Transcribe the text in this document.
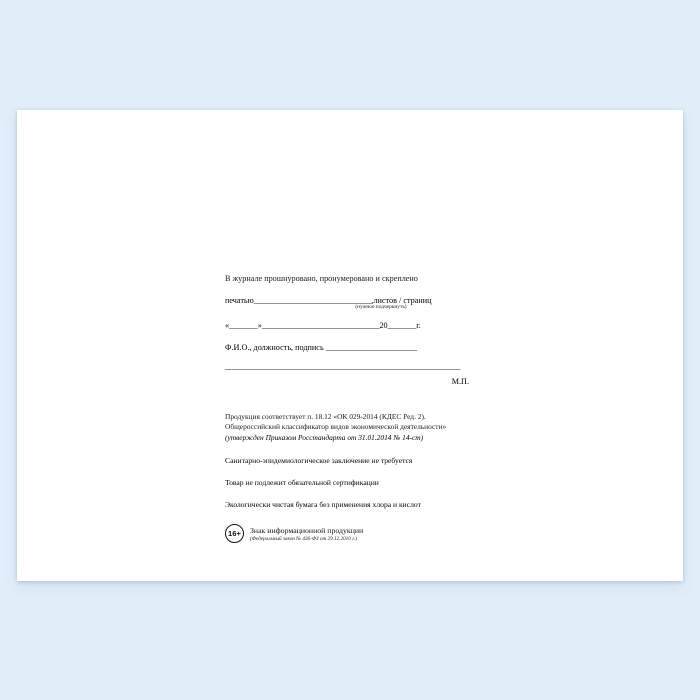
В журнале прошнуровано, пронумеровано и скреплено
печатью_______________________________,листов / страниц
(нужное подчеркнуть)
«_______»_______________________________20_______г.
Ф.И.О., должность, подпись ________________________
______________________________________________________________
М.П.
Продукция соответствует п. 18.12 «ОК 029-2014 (КДЕС Ред. 2).
Общероссийский классификатор видов экономической деятельности»
(утвержден Приказом Росстандарта от 31.01.2014 № 14-ст)
Санитарно-эпидемиологическое заключение не требуется
Товар не подлежит обязательной сертификации
Экологически чистая бумага без применения хлора и кислот
16+	Знак информационной продукции
(Федеральный закон № 436-ФЗ от 29.12.2010 г.)
